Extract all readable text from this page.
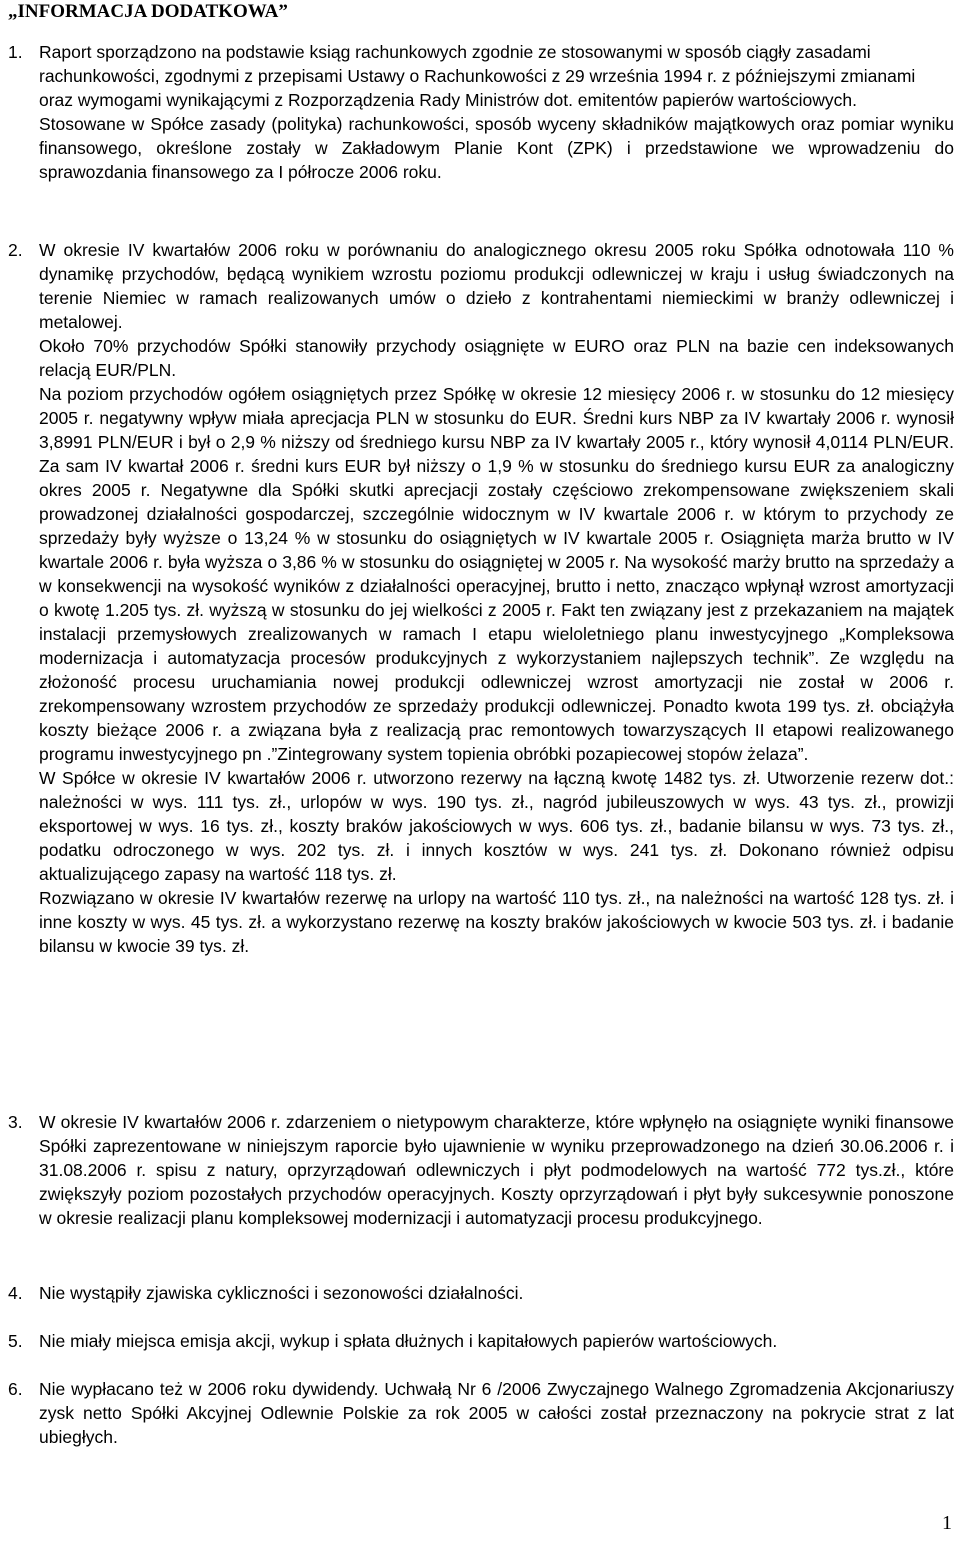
„INFORMACJA DODATKOWA”
1. Raport sporządzono na podstawie ksiąg rachunkowych zgodnie ze stosowanymi w sposób ciągły zasadami rachunkowości, zgodnymi z przepisami Ustawy o Rachunkowości z 29 września 1994 r. z późniejszymi zmianami oraz wymogami wynikającymi z Rozporządzenia Rady Ministrów dot. emitentów papierów wartościowych.

Stosowane w Spółce zasady (polityka) rachunkowości, sposób wyceny składników majątkowych oraz pomiar wyniku finansowego, określone zostały w Zakładowym Planie Kont (ZPK) i przedstawione we wprowadzeniu do sprawozdania finansowego za I półrocze 2006 roku.

2. W okresie IV kwartałów 2006 roku w porównaniu do analogicznego okresu 2005 roku Spółka odnotowała 110 % dynamikę przychodów, będącą wynikiem wzrostu poziomu produkcji odlewniczej w kraju i usług świadczonych na terenie Niemiec w ramach realizowanych umów o dzieło z kontrahentami niemieckimi w branży odlewniczej i metalowej.

Około 70% przychodów Spółki stanowiły przychody osiągnięte w EURO oraz PLN na bazie cen indeksowanych relacją EUR/PLN.

Na poziom przychodów ogółem osiągniętych przez Spółkę w okresie 12 miesięcy 2006 r. w stosunku do 12 miesięcy 2005 r. negatywny wpływ miała aprecjacja PLN w stosunku do EUR. Średni kurs NBP za IV kwartały 2006 r. wynosił 3,8991 PLN/EUR i był o 2,9 % niższy od średniego kursu NBP za IV kwartały 2005 r., który wynosił 4,0114 PLN/EUR. Za sam IV kwartał 2006 r. średni kurs EUR był niższy o 1,9 % w stosunku do średniego kursu EUR za analogiczny okres 2005 r. Negatywne dla Spółki skutki aprecjacji zostały częściowo zrekompensowane zwiększeniem skali prowadzonej działalności gospodarczej, szczególnie widocznym w IV kwartale 2006 r. w którym to przychody ze sprzedaży były wyższe o 13,24 % w stosunku do osiągniętych w IV kwartale 2005 r. Osiągnięta marża brutto w IV kwartale 2006 r. była wyższa o 3,86 % w stosunku do osiągniętej w 2005 r. Na wysokość marży brutto na sprzedaży a w konsekwencji na wysokość wyników z działalności operacyjnej, brutto i netto, znacząco wpłynął wzrost amortyzacji o kwotę 1.205 tys. zł. wyższą w stosunku do jej wielkości z 2005 r. Fakt ten związany jest z przekazaniem na majątek instalacji przemysłowych zrealizowanych w ramach I etapu wieloletniego planu inwestycyjnego „Kompleksowa modernizacja i automatyzacja procesów produkcyjnych z wykorzystaniem najlepszych technik”. Ze względu na złożoność procesu uruchamiania nowej produkcji odlewniczej wzrost amortyzacji nie został w 2006 r. zrekompensowany wzrostem przychodów ze sprzedaży produkcji odlewniczej. Ponadto kwota 199 tys. zł. obciążyła koszty bieżące 2006 r. a związana była z realizacją prac remontowych towarzyszących II etapowi realizowanego programu inwestycyjnego pn .”Zintegrowany system topienia obróbki pozapiecowej stopów żelaza”.

W Spółce w okresie IV kwartałów 2006 r. utworzono rezerwy na łączną kwotę 1482 tys. zł. Utworzenie rezerw dot.: należności w wys. 111 tys. zł., urlopów w wys. 190 tys. zł., nagród jubileuszowych w wys. 43 tys. zł., prowizji eksportowej w wys. 16 tys. zł., koszty braków jakościowych w wys. 606 tys. zł., badanie bilansu w wys. 73 tys. zł., podatku odroczonego w wys. 202 tys. zł. i innych kosztów w wys. 241 tys. zł. Dokonano również odpisu aktualizującego zapasy na wartość 118 tys. zł.

Rozwiązano w okresie IV kwartałów rezerwę na urlopy na wartość 110 tys. zł., na należności na wartość 128 tys. zł. i inne koszty w wys. 45 tys. zł. a wykorzystano rezerwę na koszty braków jakościowych w kwocie 503 tys. zł. i badanie bilansu w kwocie 39 tys. zł.

3. W okresie IV kwartałów 2006 r. zdarzeniem o nietypowym charakterze, które wpłynęło na osiągnięte wyniki finansowe Spółki zaprezentowane w niniejszym raporcie było ujawnienie w wyniku przeprowadzonego na dzień 30.06.2006 r. i 31.08.2006 r. spisu z natury, oprzyrządowań odlewniczych i płyt podmodelowych na wartość 772 tys.zł., które zwiększyły poziom pozostałych przychodów operacyjnych. Koszty oprzyrządowań i płyt były sukcesywnie ponoszone w okresie realizacji planu kompleksowej modernizacji i automatyzacji procesu produkcyjnego.

4. Nie wystąpiły zjawiska cykliczności i sezonowości działalności.

5. Nie miały miejsca emisja akcji, wykup i spłata dłużnych i kapitałowych papierów wartościowych.

6. Nie wypłacano też w 2006 roku dywidendy. Uchwałą Nr 6 /2006 Zwyczajnego Walnego Zgromadzenia Akcjonariuszy zysk netto Spółki Akcyjnej Odlewnie Polskie za rok 2005 w całości został przeznaczony na pokrycie strat z lat ubiegłych.

1
